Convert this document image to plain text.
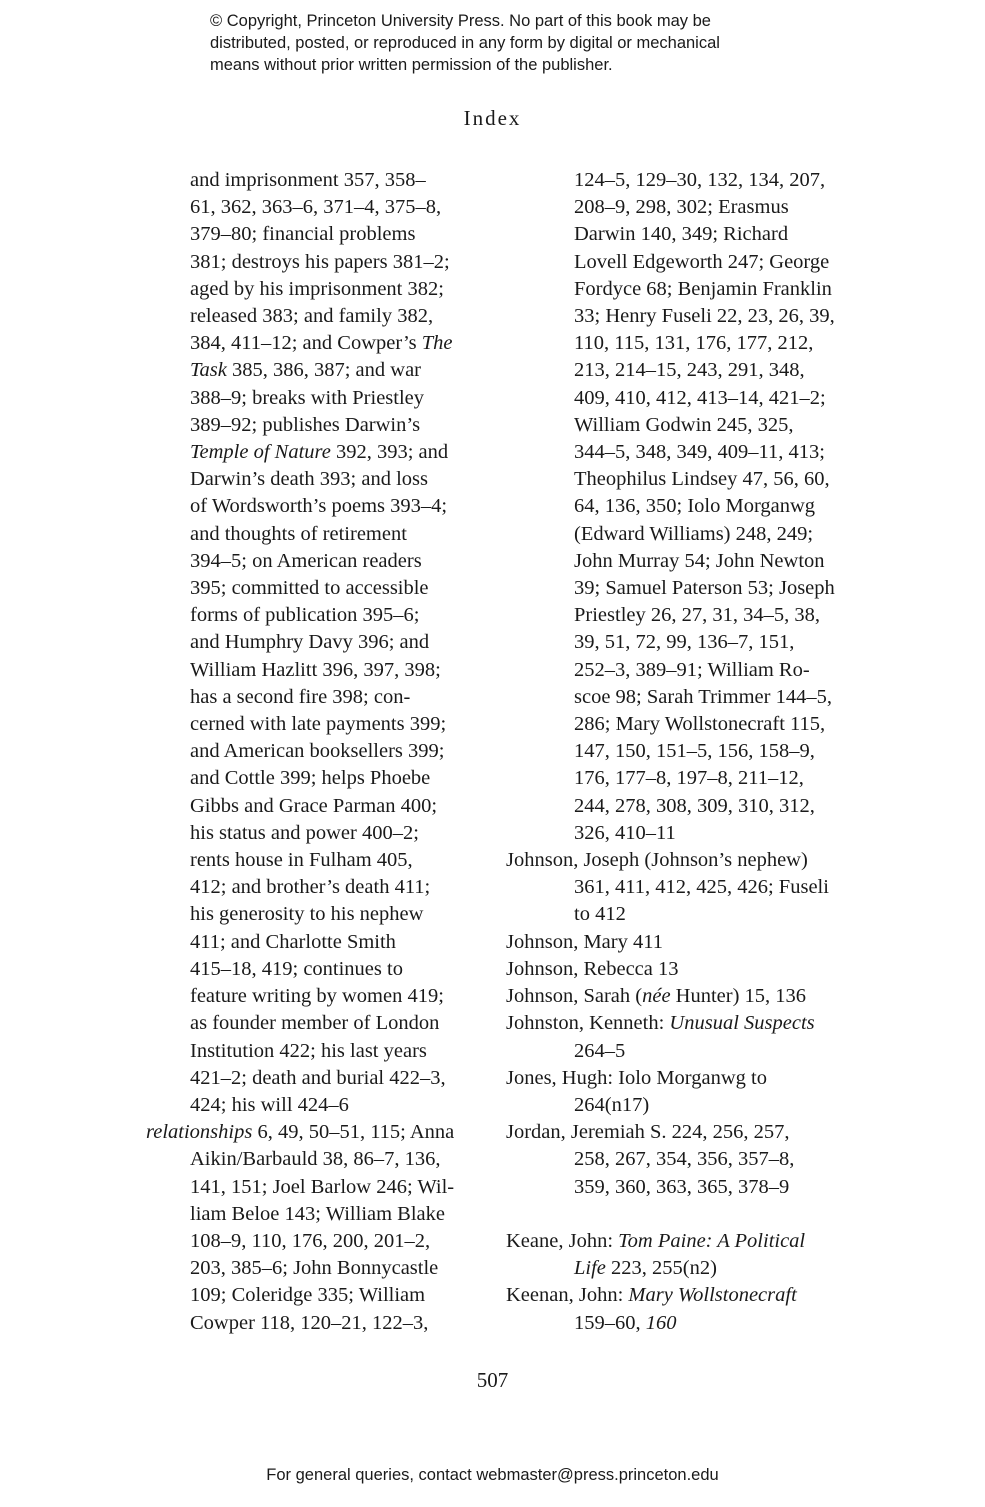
© Copyright, Princeton University Press. No part of this book may be
distributed, posted, or reproduced in any form by digital or mechanical
means without prior written permission of the publisher.
Index
and imprisonment 357, 358–
61, 362, 363–6, 371–4, 375–8,
379–80; financial problems
381; destroys his papers 381–2;
aged by his imprisonment 382;
released 383; and family 382,
384, 411–12; and Cowper’s The
Task 385, 386, 387; and war
388–9; breaks with Priestley
389–92; publishes Darwin’s
Temple of Nature 392, 393; and
Darwin’s death 393; and loss
of Wordsworth’s poems 393–4;
and thoughts of retirement
394–5; on American readers
395; committed to accessible
forms of publication 395–6;
and Humphry Davy 396; and
William Hazlitt 396, 397, 398;
has a second fire 398; con-
cerned with late payments 399;
and American booksellers 399;
and Cottle 399; helps Phoebe
Gibbs and Grace Parman 400;
his status and power 400–2;
rents house in Fulham 405,
412; and brother’s death 411;
his generosity to his nephew
411; and Charlotte Smith
415–18, 419; continues to
feature writing by women 419;
as founder member of London
Institution 422; his last years
421–2; death and burial 422–3,
424; his will 424–6
relationships 6, 49, 50–51, 115; Anna
Aikin/Barbauld 38, 86–7, 136,
141, 151; Joel Barlow 246; Wil-
liam Beloe 143; William Blake
108–9, 110, 176, 200, 201–2,
203, 385–6; John Bonnycastle
109; Coleridge 335; William
Cowper 118, 120–21, 122–3,
124–5, 129–30, 132, 134, 207,
208–9, 298, 302; Erasmus
Darwin 140, 349; Richard
Lovell Edgeworth 247; George
Fordyce 68; Benjamin Franklin
33; Henry Fuseli 22, 23, 26, 39,
110, 115, 131, 176, 177, 212,
213, 214–15, 243, 291, 348,
409, 410, 412, 413–14, 421–2;
William Godwin 245, 325,
344–5, 348, 349, 409–11, 413;
Theophilus Lindsey 47, 56, 60,
64, 136, 350; Iolo Morganwg
(Edward Williams) 248, 249;
John Murray 54; John Newton
39; Samuel Paterson 53; Joseph
Priestley 26, 27, 31, 34–5, 38,
39, 51, 72, 99, 136–7, 151,
252–3, 389–91; William Ro-
scoe 98; Sarah Trimmer 144–5,
286; Mary Wollstonecraft 115,
147, 150, 151–5, 156, 158–9,
176, 177–8, 197–8, 211–12,
244, 278, 308, 309, 310, 312,
326, 410–11
Johnson, Joseph (Johnson’s nephew)
361, 411, 412, 425, 426; Fuseli
to 412
Johnson, Mary 411
Johnson, Rebecca 13
Johnson, Sarah (née Hunter) 15, 136
Johnston, Kenneth: Unusual Suspects
264–5
Jones, Hugh: Iolo Morganwg to
264(n17)
Jordan, Jeremiah S. 224, 256, 257,
258, 267, 354, 356, 357–8,
359, 360, 363, 365, 378–9
Keane, John: Tom Paine: A Political
Life 223, 255(n2)
Keenan, John: Mary Wollstonecraft
159–60, 160
507
For general queries, contact webmaster@press.princeton.edu
